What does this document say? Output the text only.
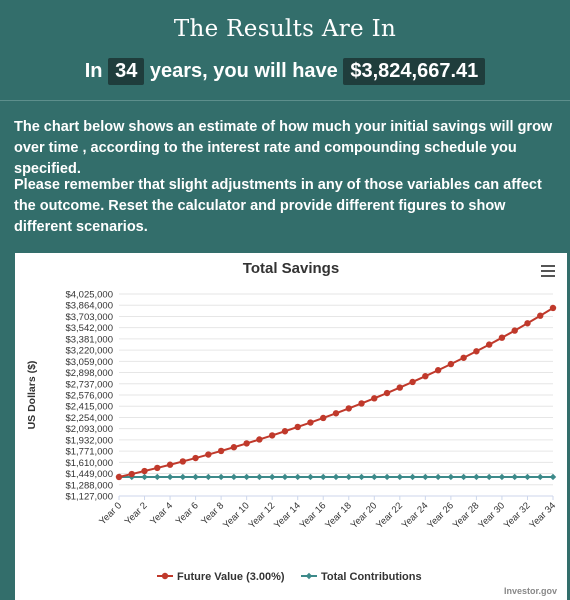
The Results Are In
In 34 years, you will have $3,824,667.41
The chart below shows an estimate of how much your initial savings will grow over time , according to the interest rate and compounding schedule you specified.
Please remember that slight adjustments in any of those variables can affect the outcome. Reset the calculator and provide different figures to show different scenarios.
Total Savings
$4,025,000
$3,864,000
$3,703,000
$3,542,000
$3,381,000
$3,220,000
$3,059,000
$2,898,000
$2,737,000
$2,576,000
$2,415,000
$2,254,000
$2,093,000
$1,932,000
$1,771,000
$1,610,000
$1,449,000
$1,288,000
$1,127,000
Year 0
Year 2
Year 4
Year 6
Year 8
Year 10
Year 12
Year 14
Year 16
Year 18
Year 20
Year 22
Year 24
Year 26
Year 28
Year 30
Year 32
Year 34
US Dollars ($)
Future Value (3.00%)	Total Contributions
Investor.gov
